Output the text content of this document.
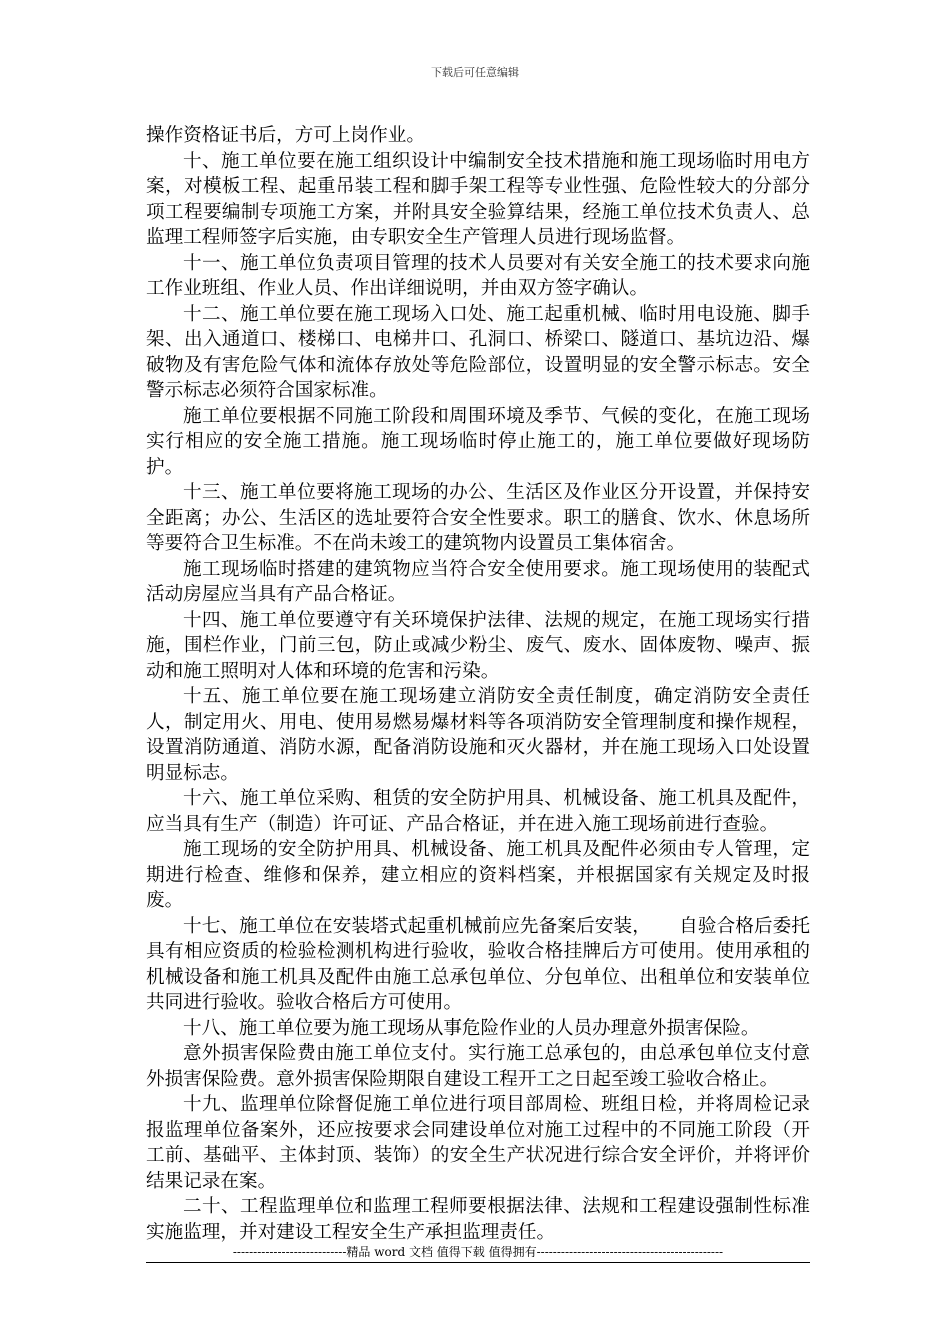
下载后可任意编辑

操作资格证书后，方可上岗作业。

十、施工单位要在施工组织设计中编制安全技术措施和施工现场临时用电方案，对模板工程、起重吊装工程和脚手架工程等专业性强、危险性较大的分部分项工程要编制专项施工方案，并附具安全验算结果，经施工单位技术负责人、总监理工程师签字后实施，由专职安全生产管理人员进行现场监督。

十一、施工单位负责项目管理的技术人员要对有关安全施工的技术要求向施工作业班组、作业人员、作出详细说明，并由双方签字确认。

十二、施工单位要在施工现场入口处、施工起重机械、临时用电设施、脚手架、出入通道口、楼梯口、电梯井口、孔洞口、桥梁口、隧道口、基坑边沿、爆破物及有害危险气体和流体存放处等危险部位，设置明显的安全警示标志。安全警示标志必须符合国家标准。

施工单位要根据不同施工阶段和周围环境及季节、气候的变化，在施工现场实行相应的安全施工措施。施工现场临时停止施工的，施工单位要做好现场防护。

十三、施工单位要将施工现场的办公、生活区及作业区分开设置，并保持安全距离；办公、生活区的选址要符合安全性要求。职工的膳食、饮水、休息场所等要符合卫生标准。不在尚未竣工的建筑物内设置员工集体宿舍。

施工现场临时搭建的建筑物应当符合安全使用要求。施工现场使用的装配式活动房屋应当具有产品合格证。

十四、施工单位要遵守有关环境保护法律、法规的规定，在施工现场实行措施，围栏作业，门前三包，防止或减少粉尘、废气、废水、固体废物、噪声、振动和施工照明对人体和环境的危害和污染。

十五、施工单位要在施工现场建立消防安全责任制度，确定消防安全责任人，制定用火、用电、使用易燃易爆材料等各项消防安全管理制度和操作规程，设置消防通道、消防水源，配备消防设施和灭火器材，并在施工现场入口处设置明显标志。

十六、施工单位采购、租赁的安全防护用具、机械设备、施工机具及配件，应当具有生产（制造）许可证、产品合格证，并在进入施工现场前进行查验。

施工现场的安全防护用具、机械设备、施工机具及配件必须由专人管理，定期进行检查、维修和保养，建立相应的资料档案，并根据国家有关规定及时报废。

十七、施工单位在安装塔式起重机械前应先备案后安装，　　自验合格后委托具有相应资质的检验检测机构进行验收，验收合格挂牌后方可使用。使用承租的机械设备和施工机具及配件由施工总承包单位、分包单位、出租单位和安装单位共同进行验收。验收合格后方可使用。

十八、施工单位要为施工现场从事危险作业的人员办理意外损害保险。

意外损害保险费由施工单位支付。实行施工总承包的，由总承包单位支付意外损害保险费。意外损害保险期限自建设工程开工之日起至竣工验收合格止。

十九、监理单位除督促施工单位进行项目部周检、班组日检，并将周检记录报监理单位备案外，还应按要求会同建设单位对施工过程中的不同施工阶段（开工前、基础平、主体封顶、装饰）的安全生产状况进行综合安全评价，并将评价结果记录在案。

二十、工程监理单位和监理工程师要根据法律、法规和工程建设强制性标准实施监理，并对建设工程安全生产承担监理责任。

----------------------------精品 word 文档 值得下载 值得拥有----------------------------------------------
